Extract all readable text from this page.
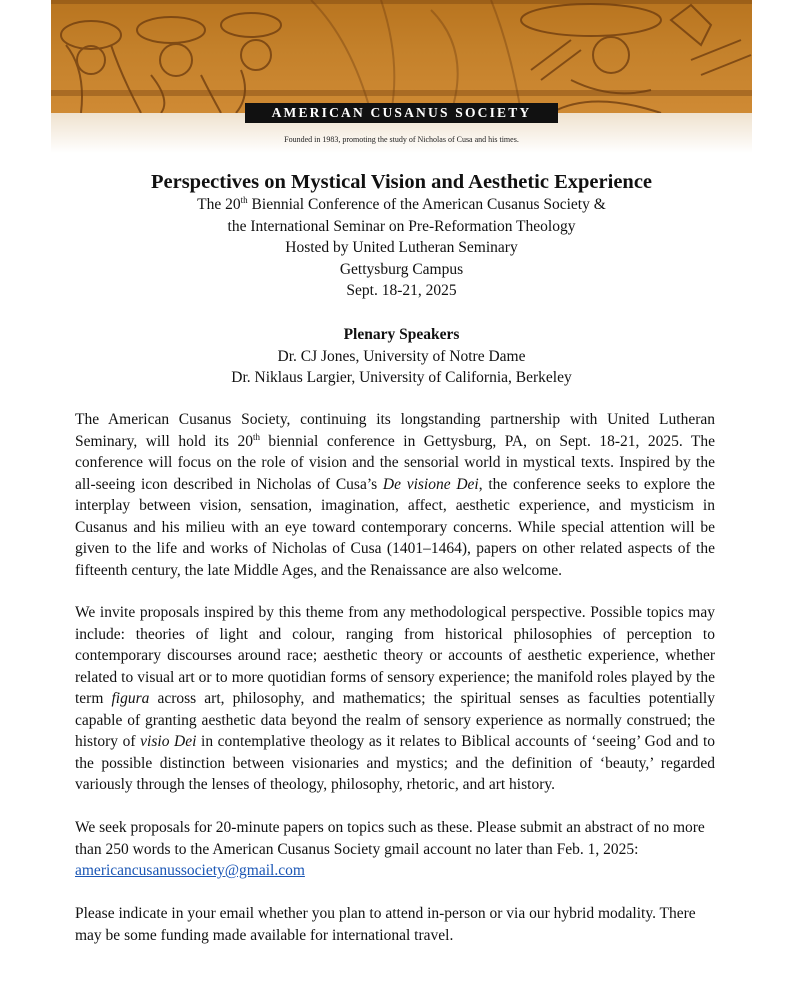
AMERICAN CUSANUS SOCIETY
Founded in 1983, promoting the study of Nicholas of Cusa and his times.
Perspectives on Mystical Vision and Aesthetic Experience
The 20th Biennial Conference of the American Cusanus Society &
the International Seminar on Pre-Reformation Theology
Hosted by United Lutheran Seminary
Gettysburg Campus
Sept. 18-21, 2025
Plenary Speakers
Dr. CJ Jones, University of Notre Dame
Dr. Niklaus Largier, University of California, Berkeley

The American Cusanus Society, continuing its longstanding partnership with United Lutheran Seminary, will hold its 20th biennial conference in Gettysburg, PA, on Sept. 18-21, 2025. The conference will focus on the role of vision and the sensorial world in mystical texts. Inspired by the all-seeing icon described in Nicholas of Cusa’s De visione Dei, the conference seeks to explore the interplay between vision, sensation, imagination, affect, aesthetic experience, and mysticism in Cusanus and his milieu with an eye toward contemporary concerns. While special attention will be given to the life and works of Nicholas of Cusa (1401–1464), papers on other related aspects of the fifteenth century, the late Middle Ages, and the Renaissance are also welcome.

We invite proposals inspired by this theme from any methodological perspective. Possible topics may include: theories of light and colour, ranging from historical philosophies of perception to contemporary discourses around race; aesthetic theory or accounts of aesthetic experience, whether related to visual art or to more quotidian forms of sensory experience; the manifold roles played by the term figura across art, philosophy, and mathematics; the spiritual senses as faculties potentially capable of granting aesthetic data beyond the realm of sensory experience as normally construed; the history of visio Dei in contemplative theology as it relates to Biblical accounts of ‘seeing’ God and to the possible distinction between visionaries and mystics; and the definition of ‘beauty,’ regarded variously through the lenses of theology, philosophy, rhetoric, and art history.

We seek proposals for 20-minute papers on topics such as these. Please submit an abstract of no more than 250 words to the American Cusanus Society gmail account no later than Feb. 1, 2025:
americancusanussociety@gmail.com

Please indicate in your email whether you plan to attend in-person or via our hybrid modality. There may be some funding made available for international travel.
